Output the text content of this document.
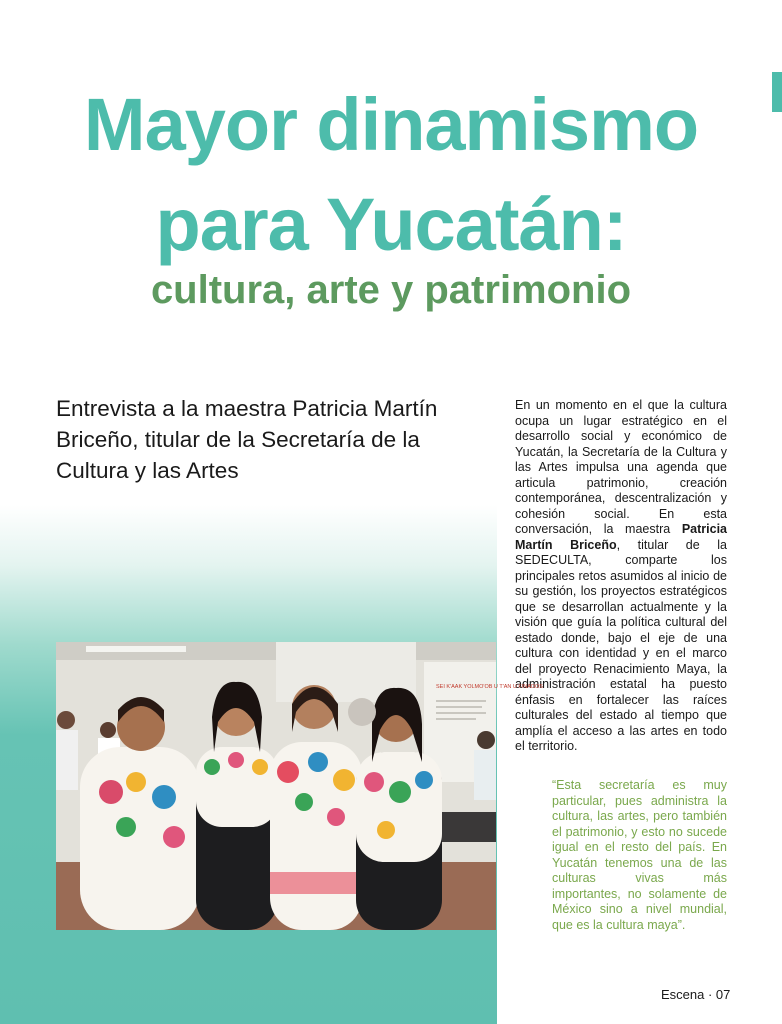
Mayor dinamismo
para Yucatán:
cultura, arte y patrimonio

Entrevista a la maestra Patricia Martín Briceño, titular de la Secretaría de la Cultura y las Artes

En un momento en el que la cultura ocupa un lugar estratégico en el desarrollo social y económico de Yucatán, la Secretaría de la Cultura y las Artes impulsa una agenda que articula patrimonio, creación contemporánea, descentralización y cohesión social. En esta conversación, la maestra Patricia Martín Briceño, titular de la SEDECULTA, comparte los principales retos asumidos al inicio de su gestión, los proyectos estratégicos que se desarrollan actualmente y la visión que guía la política cultural del estado donde, bajo el eje de una cultura con identidad y en el marco del proyecto Renacimiento Maya, la administración estatal ha puesto énfasis en fortalecer las raíces culturales del estado al tiempo que amplía el acceso a las artes en todo el territorio.

“Esta secretaría es muy particular, pues administra la cultura, las artes, pero también el patrimonio, y esto no sucede igual en el resto del país. En Yucatán tenemos una de las culturas vivas más importantes, no solamente de México sino a nivel mundial, que es la cultura maya”.

SEI K'AAK YOLMO'OB U T'AN U FINADOS

Escena · 07
